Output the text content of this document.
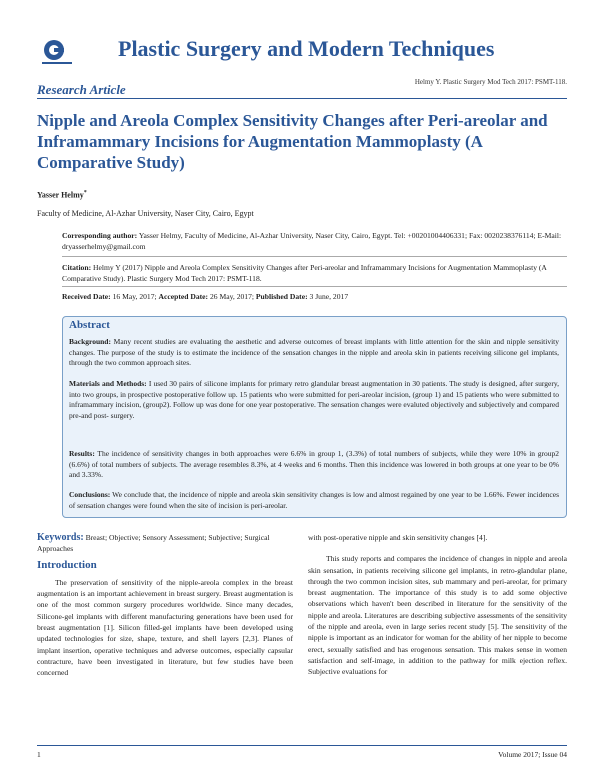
Plastic Surgery and Modern Techniques
Research Article	Helmy Y. Plastic Surgery Mod Tech 2017: PSMT-118.
Nipple and Areola Complex Sensitivity Changes after Peri-areolar and Inframammary Incisions for Augmentation Mammoplasty (A Comparative Study)
Yasser Helmy*
Faculty of Medicine, Al-Azhar University, Naser City, Cairo, Egypt
Corresponding author: Yasser Helmy, Faculty of Medicine, Al-Azhar University, Naser City, Cairo, Egypt. Tel: +00201004406331; Fax: 0020238376114; E-Mail: dryasserhelmy@gmail.com
Citation: Helmy Y (2017) Nipple and Areola Complex Sensitivity Changes after Peri-areolar and Inframammary Incisions for Augmentation Mammoplasty (A Comparative Study). Plastic Surgery Mod Tech 2017: PSMT-118.
Received Date: 16 May, 2017; Accepted Date: 26 May, 2017; Published Date: 3 June, 2017
Abstract
Background: Many recent studies are evaluating the aesthetic and adverse outcomes of breast implants with little attention for the skin and nipple sensitivity changes. The purpose of the study is to estimate the incidence of the sensation changes in the nipple and areola skin in patients receiving silicone gel implants, through the two common approach sites.
Materials and Methods: I used 30 pairs of silicone implants for primary retro glandular breast augmentation in 30 patients. The study is designed, after surgery, into two groups, in prospective postoperative follow up. 15 patients who were submitted for peri-areolar incision, (group 1) and 15 patients who were submitted to inframammary incision, (group2). Follow up was done for one year postoperative. The sensation changes were evaluted objectively and subjectively and compared pre-and post- surgery.
Results: The incidence of sensitivity changes in both approaches were 6.6% in group 1, (3.3%) of total numbers of subjects, while they were 10% in group2 (6.6%) of total numbers of subjects. The average resembles 8.3%, at 4 weeks and 6 months. Then this incidence was lowered in both groups at one year to be 0% and 3.33%.
Conclusions: We conclude that, the incidence of nipple and areola skin sensitivity changes is low and almost regained by one year to be 1.66%. Fewer incidences of sensation changes were found when the site of incision is peri-areolar.
Keywords: Breast; Objective; Sensory Assessment; Subjective; Surgical Approaches
Introduction

The preservation of sensitivity of the nipple-areola complex in the breast augmentation is an important achievement in breast surgery. Breast augmentation is one of the most common surgery procedures worldwide. Since many decades, Silicone-gel implants with different manufacturing generations have been used for breast augmentation [1]. Silicon filled-gel implants have been developed using updated technologies for size, shape, texture, and shell layers [2,3]. Planes of implant insertion, operative techniques and adverse outcomes, especially capsular contracture, have been investigated in literature, but few studies have been concerned

with post-operative nipple and skin sensitivity changes [4].

This study reports and compares the incidence of changes in nipple and areola skin sensation, in patients receiving silicone gel implants, in retro-glandular plane, through the two common incision sites, sub mammary and peri-areolar, for primary breast augmentation. The importance of this study is to add some objective observations which haven't been described in literature for the sensitivity of the nipple and areola. Literatures are describing subjective assessments of the sensitivity of the nipple and areola, even in large series recent study [5]. The sensitivity of the nipple is important as an indicator for woman for the ability of her nipple to become erect, sexually satisfied and has erogenous sensation. This makes sense in women satisfaction and self-image, in addition to the pathway for milk ejection reflex. Subjective evaluations for

1	Volume 2017; Issue 04
